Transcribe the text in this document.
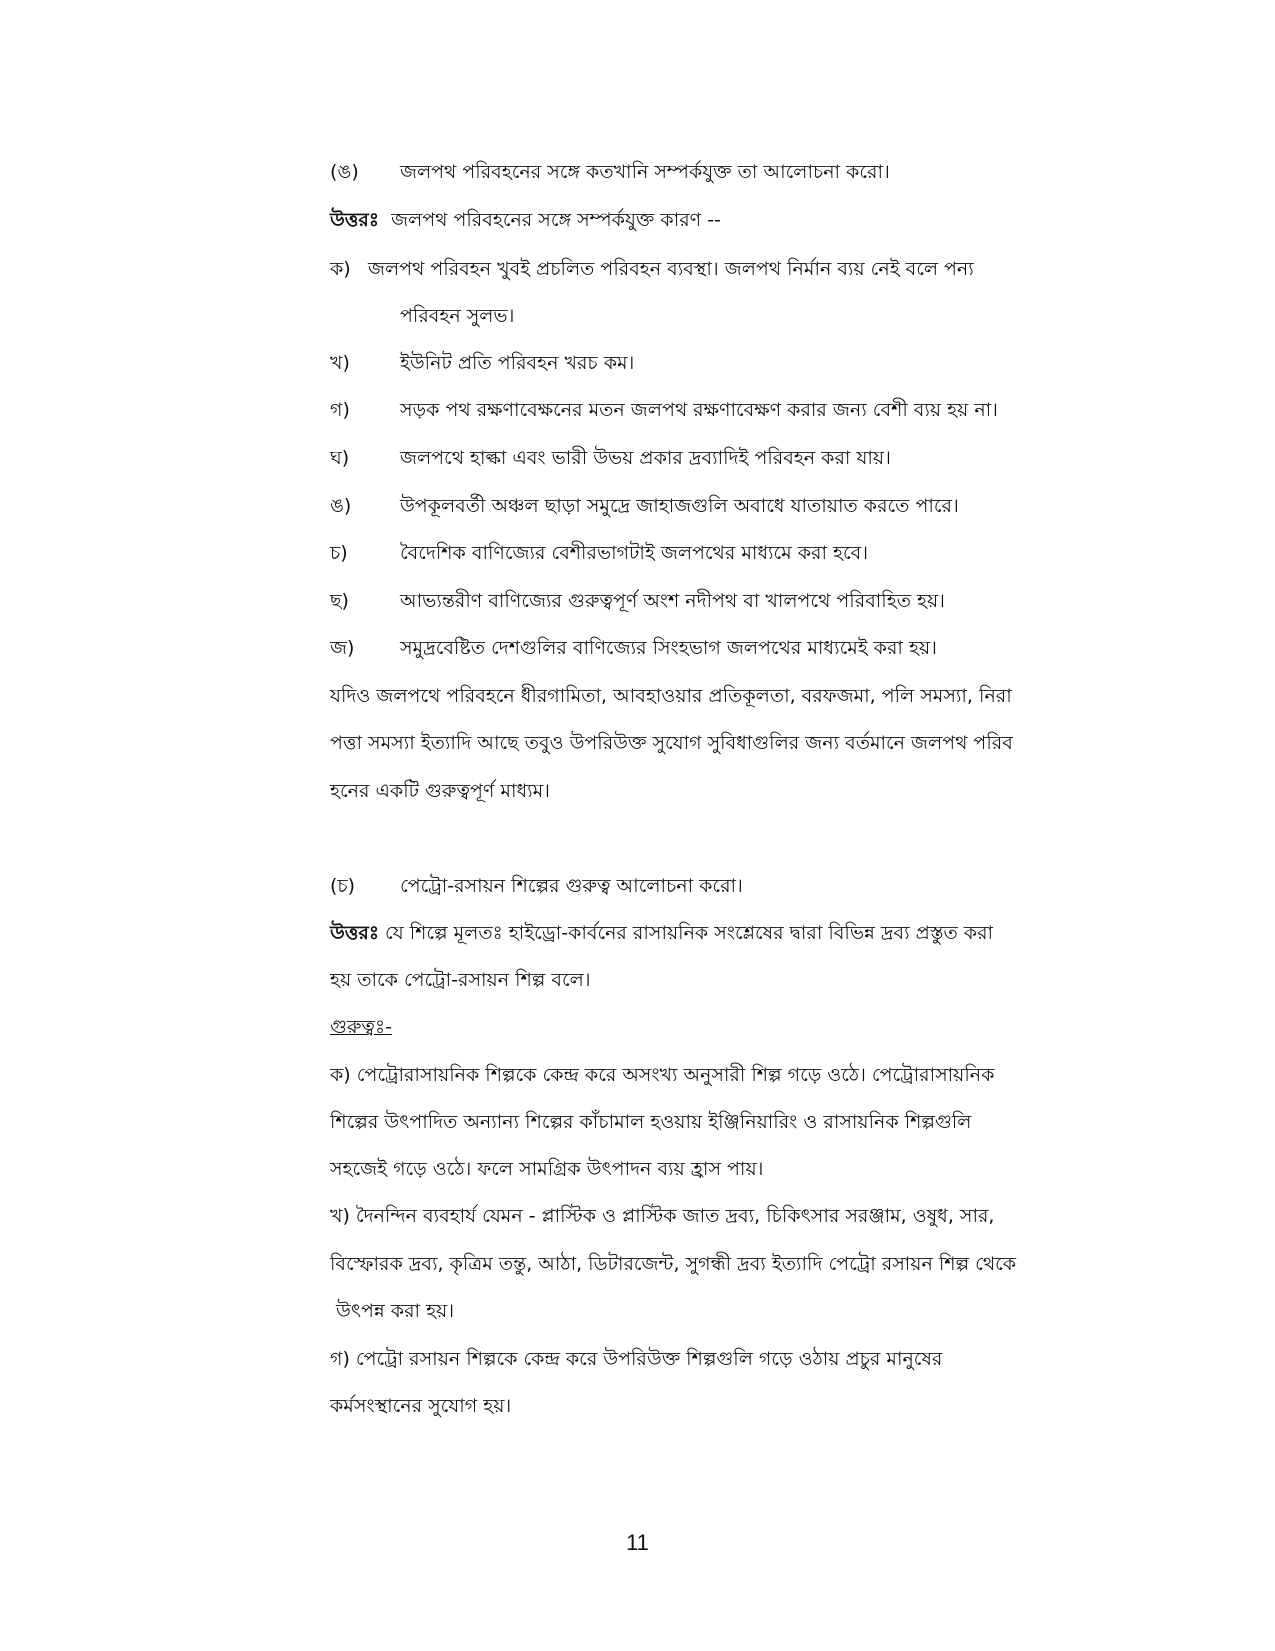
(ঙ) জলপথ পরিবহনের সঙ্গে কতখানি সম্পর্কযুক্ত তা আলোচনা করো।
উত্তরঃ জলপথ পরিবহনের সঙ্গে সম্পর্কযুক্ত কারণ --
ক) জলপথ পরিবহন খুবই প্রচলিত পরিবহন ব্যবস্থা। জলপথ নির্মান ব্যয় নেই বলে পন্য
পরিবহন সুলভ।
খ)	ইউনিট প্রতি পরিবহন খরচ কম।
গ)	সড়ক পথ রক্ষণাবেক্ষনের মতন জলপথ রক্ষণাবেক্ষণ করার জন্য বেশী ব্যয় হয় না।
ঘ)	জলপথে হাল্কা এবং ভারী উভয় প্রকার দ্রব্যাদিই পরিবহন করা যায়।
ঙ)	উপকূলবর্তী অঞ্চল ছাড়া সমুদ্রে জাহাজগুলি অবাধে যাতায়াত করতে পারে।
চ)	বৈদেশিক বাণিজ্যের বেশীরভাগটাই জলপথের মাধ্যমে করা হবে।
ছ)	আভ্যন্তরীণ বাণিজ্যের গুরুত্বপূর্ণ অংশ নদীপথ বা খালপথে পরিবাহিত হয়।
জ) সমুদ্রবেষ্টিত দেশগুলির বাণিজ্যের সিংহভাগ জলপথের মাধ্যমেই করা হয়।
যদিও জলপথে পরিবহনে ধীরগামিতা, আবহাওয়ার প্রতিকূলতা, বরফজমা, পলি সমস্যা, নিরা
পত্তা সমস্যা ইত্যাদি আছে তবুও উপরিউক্ত সুযোগ সুবিধাগুলির জন্য বর্তমানে জলপথ পরিব
হনের একটি গুরুত্বপূর্ণ মাধ্যম।
(চ) পেট্রো-রসায়ন শিল্পের গুরুত্ব আলোচনা করো।
উত্তরঃ যে শিল্পে মূলতঃ হাইড্রো-কার্বনের রাসায়নিক সংশ্লেষের দ্বারা বিভিন্ন দ্রব্য প্রস্তুত করা
হয় তাকে পেট্রো-রসায়ন শিল্প বলে।
গুরুত্বঃ-
ক) পেট্রোরাসায়নিক শিল্পকে কেন্দ্র করে অসংখ্য অনুসারী শিল্প গড়ে ওঠে। পেট্রোরাসায়নিক
শিল্পের উৎপাদিত অন্যান্য শিল্পের কাঁচামাল হওয়ায় ইঞ্জিনিয়ারিং ও রাসায়নিক শিল্পগুলি
সহজেই গড়ে ওঠে। ফলে সামগ্রিক উৎপাদন ব্যয় হ্রাস পায়।
খ) দৈনন্দিন ব্যবহার্য যেমন - প্লাস্টিক ও প্লাস্টিক জাত দ্রব্য, চিকিৎসার সরঞ্জাম, ওষুধ, সার,
বিস্ফোরক দ্রব্য, কৃত্রিম তন্তু, আঠা, ডিটারজেন্ট, সুগন্ধী দ্রব্য ইত্যাদি পেট্রো রসায়ন শিল্প থেকে
উৎপন্ন করা হয়।
গ) পেট্রো রসায়ন শিল্পকে কেন্দ্র করে উপরিউক্ত শিল্পগুলি গড়ে ওঠায় প্রচুর মানুষের
কর্মসংস্থানের সুযোগ হয়।
11
